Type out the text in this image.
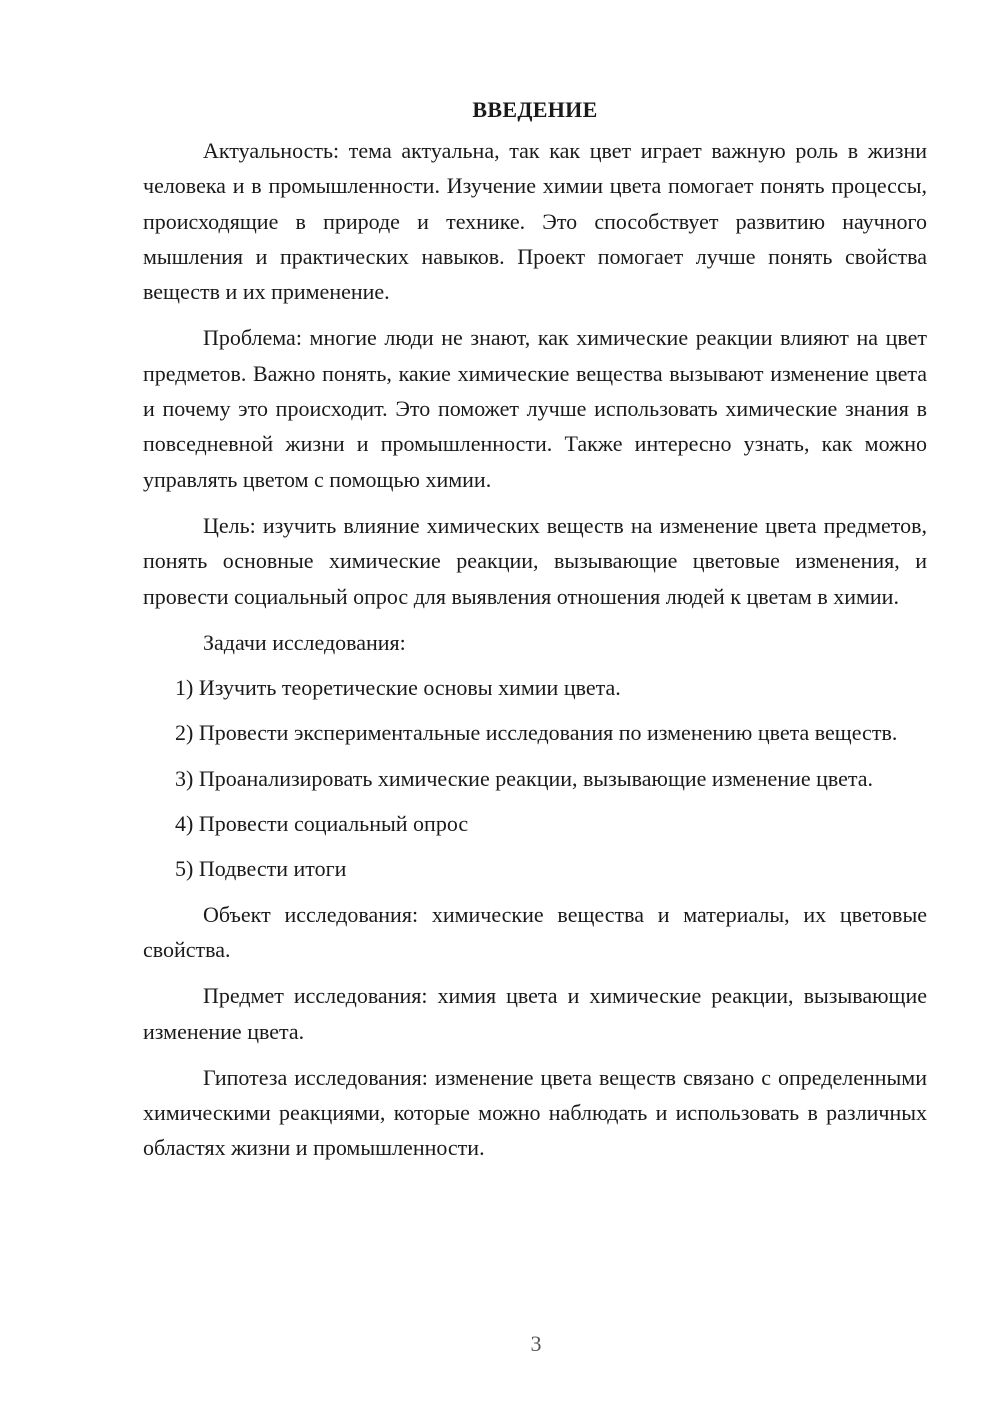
ВВЕДЕНИЕ

Актуальность: тема актуальна, так как цвет играет важную роль в жизни человека и в промышленности. Изучение химии цвета помогает понять процессы, происходящие в природе и технике. Это способствует развитию научного мышления и практических навыков. Проект помогает лучше понять свойства веществ и их применение.

Проблема: многие люди не знают, как химические реакции влияют на цвет предметов. Важно понять, какие химические вещества вызывают изменение цвета и почему это происходит. Это поможет лучше использовать химические знания в повседневной жизни и промышленности. Также интересно узнать, как можно управлять цветом с помощью химии.

Цель: изучить влияние химических веществ на изменение цвета предметов, понять основные химические реакции, вызывающие цветовые изменения, и провести социальный опрос для выявления отношения людей к цветам в химии.

Задачи исследования:

1) Изучить теоретические основы химии цвета.

2) Провести экспериментальные исследования по изменению цвета веществ.

3) Проанализировать химические реакции, вызывающие изменение цвета.

4) Провести социальный опрос

5) Подвести итоги

Объект исследования: химические вещества и материалы, их цветовые свойства.

Предмет исследования: химия цвета и химические реакции, вызывающие изменение цвета.

Гипотеза исследования: изменение цвета веществ связано с определенными химическими реакциями, которые можно наблюдать и использовать в различных областях жизни и промышленности.

3
